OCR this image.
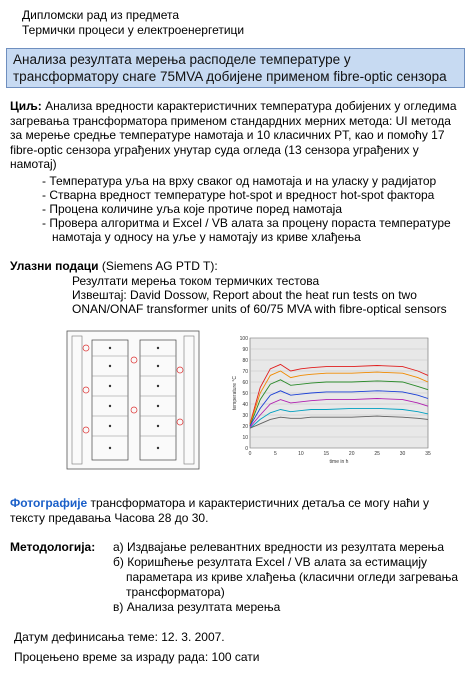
Дипломски рад из предмета
Термички процеси у електроенергетици
Анализа резултата мерења расподеле температуре у
трансформатору снаге 75MVA добијене применом fibre-optic сензора
Циљ: Анализа вредности карактеристичних температура добијених у огледима загревања трансформатора применом стандардних мерних метода: UI метода за мерење средње температуре намотаја и 10 класичних PT, као и помоћу 17 fibre-optic сензора уграђених унутар суда огледа (13 сензора уграђених у намотај)
- Температура уља на врху сваког од намотаја и на уласку у радијатор
- Стварна вредност температуре hot-spot и вредност hot-spot фактора
- Процена количине уља које протиче поред намотаја
- Провера алгоритма и Excel / VB алата за процену пораста температуре
намотаја у односу на уље у намотају из криве хлађења
Улазни подаци (Siemens AG PTD T):
Резултати мерења током термичких тестова
Извештај: David Dossow, Report about the heat run tests on two
ONAN/ONAF transformer units of 60/75 MVA with fibre-optical sensors
0
10
20
30
40
50
60
70
80
90
100
0	5	10	15	20	25	30	35
temperature °C
time in h
Фотографије трансформатора и карактеристичних детаља се могу наћи у тексту предавања Часова 28 до 30.
Методологија: а) Издвајање релевантних вредности из резултата мерења
б) Коришћење резултата Excel / VB алата за естимацију
параметара из криве хлађења (класични огледи загревања
трансформатора)
в) Анализа резултата мерења
Датум дефинисања теме: 12. 3. 2007.
Процењено време за израду рада: 100 сати
